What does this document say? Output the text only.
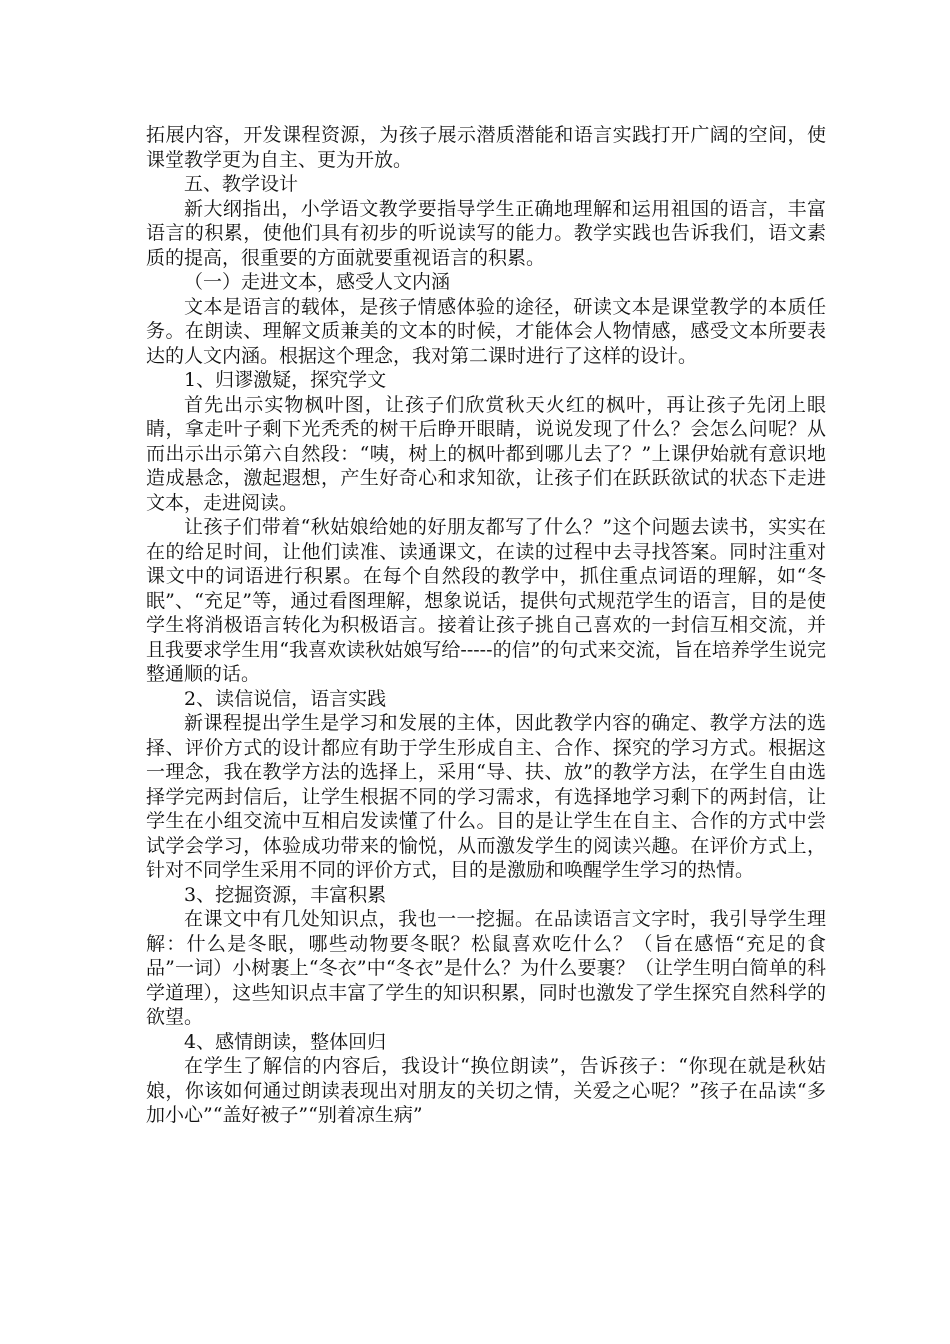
拓展内容，开发课程资源，为孩子展示潜质潜能和语言实践打开广阔的空间，使课堂教学更为自主、更为开放。

五、教学设计

新大纲指出，小学语文教学要指导学生正确地理解和运用祖国的语言，丰富语言的积累，使他们具有初步的听说读写的能力。教学实践也告诉我们，语文素质的提高，很重要的方面就要重视语言的积累。

（一）走进文本，感受人文内涵

文本是语言的载体，是孩子情感体验的途径，研读文本是课堂教学的本质任务。在朗读、理解文质兼美的文本的时候，才能体会人物情感，感受文本所要表达的人文内涵。根据这个理念，我对第二课时进行了这样的设计。

1、归谬激疑，探究学文

首先出示实物枫叶图，让孩子们欣赏秋天火红的枫叶，再让孩子先闭上眼睛，拿走叶子剩下光秃秃的树干后睁开眼睛，说说发现了什么？会怎么问呢？从而出示出示第六自然段：“咦，树上的枫叶都到哪儿去了？”上课伊始就有意识地造成悬念，激起遐想，产生好奇心和求知欲，让孩子们在跃跃欲试的状态下走进文本，走进阅读。

让孩子们带着“秋姑娘给她的好朋友都写了什么？”这个问题去读书，实实在在的给足时间，让他们读准、读通课文，在读的过程中去寻找答案。同时注重对课文中的词语进行积累。在每个自然段的教学中，抓住重点词语的理解，如“冬眠”、“充足”等，通过看图理解，想象说话，提供句式规范学生的语言，目的是使学生将消极语言转化为积极语言。接着让孩子挑自己喜欢的一封信互相交流，并且我要求学生用“我喜欢读秋姑娘写给-----的信”的句式来交流，旨在培养学生说完整通顺的话。

2、读信说信，语言实践

新课程提出学生是学习和发展的主体，因此教学内容的确定、教学方法的选择、评价方式的设计都应有助于学生形成自主、合作、探究的学习方式。根据这一理念，我在教学方法的选择上，采用“导、扶、放”的教学方法，在学生自由选择学完两封信后，让学生根据不同的学习需求，有选择地学习剩下的两封信，让学生在小组交流中互相启发读懂了什么。目的是让学生在自主、合作的方式中尝试学会学习，体验成功带来的愉悦，从而激发学生的阅读兴趣。在评价方式上，针对不同学生采用不同的评价方式，目的是激励和唤醒学生学习的热情。

3、挖掘资源，丰富积累

在课文中有几处知识点，我也一一挖掘。在品读语言文字时，我引导学生理解：什么是冬眠，哪些动物要冬眠？松鼠喜欢吃什么？（旨在感悟“充足的食品”一词）小树裹上“冬衣”中“冬衣”是什么？为什么要裹？（让学生明白简单的科学道理），这些知识点丰富了学生的知识积累，同时也激发了学生探究自然科学的欲望。

4、感情朗读，整体回归

在学生了解信的内容后，我设计“换位朗读”，告诉孩子：“你现在就是秋姑娘，你该如何通过朗读表现出对朋友的关切之情，关爱之心呢？”孩子在品读“多加小心”“盖好被子”“别着凉生病”
